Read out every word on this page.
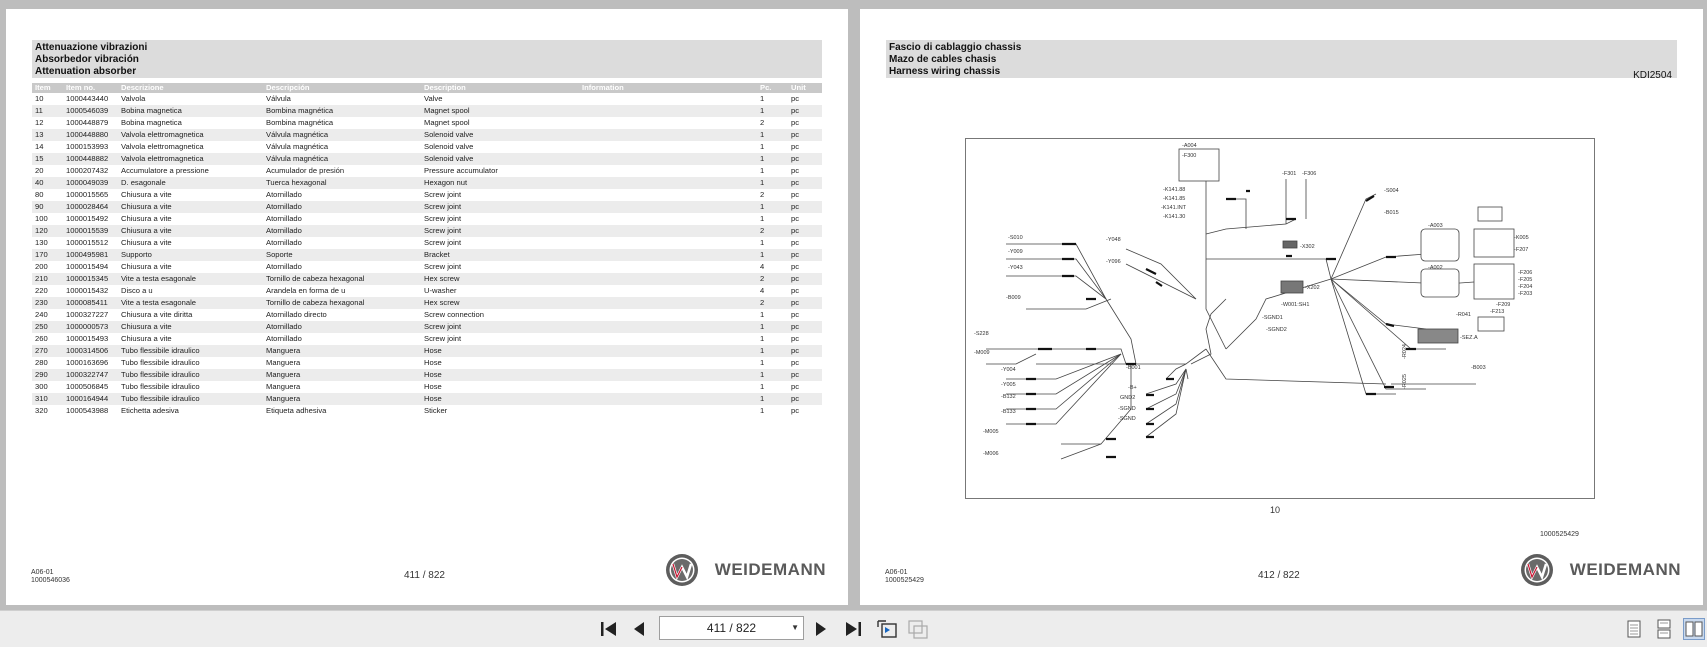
Attenuazione vibrazioni
Absorbedor vibración
Attenuation absorber
Item	Item no.	Descrizione	Descripción	Description	Information	Pc.	Unit
10	1000443440	Valvola	Válvula	Valve		1	pc
11	1000546039	Bobina magnetica	Bombina magnética	Magnet spool		1	pc
12	1000448879	Bobina magnetica	Bombina magnética	Magnet spool		2	pc
13	1000448880	Valvola elettromagnetica	Válvula magnética	Solenoid valve		1	pc
14	1000153993	Valvola elettromagnetica	Válvula magnética	Solenoid valve		1	pc
15	1000448882	Valvola elettromagnetica	Válvula magnética	Solenoid valve		1	pc
20	1000207432	Accumulatore a pressione	Acumulador de presión	Pressure accumulator		1	pc
40	1000049039	D. esagonale	Tuerca hexagonal	Hexagon nut		1	pc
80	1000015565	Chiusura a vite	Atornillado	Screw joint		2	pc
90	1000028464	Chiusura a vite	Atornillado	Screw joint		1	pc
100	1000015492	Chiusura a vite	Atornillado	Screw joint		1	pc
120	1000015539	Chiusura a vite	Atornillado	Screw joint		2	pc
130	1000015512	Chiusura a vite	Atornillado	Screw joint		1	pc
170	1000495981	Supporto	Soporte	Bracket		1	pc
200	1000015494	Chiusura a vite	Atornillado	Screw joint		4	pc
210	1000015345	Vite a testa esagonale	Tornillo de cabeza hexagonal	Hex screw		2	pc
220	1000015432	Disco a u	Arandela en forma de u	U-washer		4	pc
230	1000085411	Vite a testa esagonale	Tornillo de cabeza hexagonal	Hex screw		2	pc
240	1000327227	Chiusura a vite diritta	Atornillado directo	Screw connection		1	pc
250	1000000573	Chiusura a vite	Atornillado	Screw joint		1	pc
260	1000015493	Chiusura a vite	Atornillado	Screw joint		1	pc
270	1000314506	Tubo flessibile idraulico	Manguera	Hose		1	pc
280	1000163696	Tubo flessibile idraulico	Manguera	Hose		1	pc
290	1000322747	Tubo flessibile idraulico	Manguera	Hose		1	pc
300	1000506845	Tubo flessibile idraulico	Manguera	Hose		1	pc
310	1000164944	Tubo flessibile idraulico	Manguera	Hose		1	pc
320	1000543988	Etichetta adesiva	Etiqueta adhesiva	Sticker		1	pc
A06-01
1000546036	411 / 822	WEIDEMANN
Fascio di cablaggio chassis
Mazo de cables chasis
Harness wiring chassis	KDI2504
-A004
-F300
-F301 -F306
-K141.88
-K141.85
-K141.INT
-K141.30
-S004
-B015
-A003
-K005
-F207
-S010
-Y009
-Y043
-Y048
-Y096
-X302
-A002
-F206
-F205
-F204
-F203
-F209
-F213
-X202
-W001:SH1
-R041
-B009
-SGND1
-SGND2
-S228
-M009
-SEZ.A
-B001
-R024
-B003
-Y004
-Y005	-B+
-B132	GND2
-R025
-B133	-SGND
-SGND
-M005
-M006
10
1000525429
A06-01
1000525429	412 / 822	WEIDEMANN
411 / 822	▼
